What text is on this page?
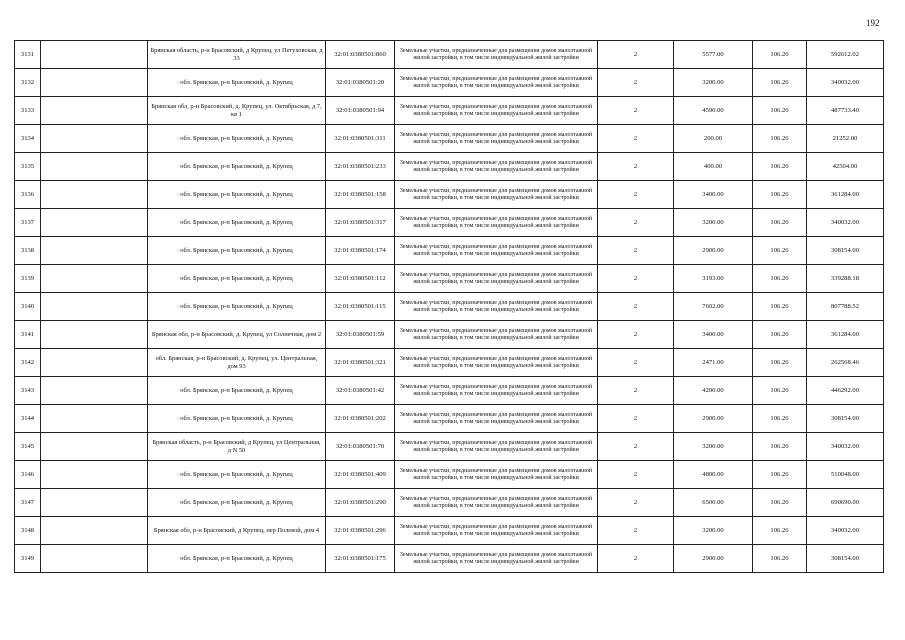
192
3131		Брянская область, р-н Брасовский, д Крупец, ул Петуховская, д 33	32:01:0380501:860	Земельные участки, предназначенные для размещения домов малоэтажной жилой застройки, в том числе индивидуальной жилой застройки	2	5577.00	106.26	592612.02
3132		обл. Брянская, р-н Брасовский, д. Крупец	32:01:0380501:20	Земельные участки, предназначенные для размещения домов малоэтажной жилой застройки, в том числе индивидуальной жилой застройки	2	3200.00	106.26	340032.00
3133		Брянская обл, р-н Брасовский, д. Крупец, ул. Октябрьская, д 7, кв 1	32:01:0380501:94	Земельные участки, предназначенные для размещения домов малоэтажной жилой застройки, в том числе индивидуальной жилой застройки	2	4590.00	106.26	487733.40
3134		обл. Брянская, р-н Брасовский, д. Крупец	32:01:0380501:311	Земельные участки, предназначенные для размещения домов малоэтажной жилой застройки, в том числе индивидуальной жилой застройки	2	200.00	106.26	21252.00
3135		обл. Брянская, р-н Брасовский, д. Крупец	32:01:0380501:233	Земельные участки, предназначенные для размещения домов малоэтажной жилой застройки, в том числе индивидуальной жилой застройки	2	400.00	106.26	42504.00
3136		обл. Брянская, р-н Брасовский, д. Крупец	32:01:0380501:158	Земельные участки, предназначенные для размещения домов малоэтажной жилой застройки, в том числе индивидуальной жилой застройки	2	3400.00	106.26	361284.00
3137		обл. Брянская, р-н Брасовский, д. Крупец	32:01:0380501:317	Земельные участки, предназначенные для размещения домов малоэтажной жилой застройки, в том числе индивидуальной жилой застройки	2	3200.00	106.26	340032.00
3138		обл. Брянская, р-н Брасовский, д. Крупец	32:01:0380501:174	Земельные участки, предназначенные для размещения домов малоэтажной жилой застройки, в том числе индивидуальной жилой застройки	2	2900.00	106.26	308154.00
3139		обл. Брянская, р-н Брасовский, д. Крупец	32:01:0380501:112	Земельные участки, предназначенные для размещения домов малоэтажной жилой застройки, в том числе индивидуальной жилой застройки	2	3193.00	106.26	339288.18
3140		обл. Брянская, р-н Брасовский, д. Крупец	32:01:0380501:115	Земельные участки, предназначенные для размещения домов малоэтажной жилой застройки, в том числе индивидуальной жилой застройки	2	7602.00	106.26	807788.52
3141		Брянская обл, р-н Брасовский, д. Крупец, ул Солнечная, дом 2	32:01:0380501:59	Земельные участки, предназначенные для размещения домов малоэтажной жилой застройки, в том числе индивидуальной жилой застройки	2	3400.00	106.26	361284.00
3142		обл. Брянская, р-н Брасовский, д. Крупец, ул. Центральная, дом 93	32:01:0380501:321	Земельные участки, предназначенные для размещения домов малоэтажной жилой застройки, в том числе индивидуальной жилой застройки	2	2471.00	106.26	262568.46
3143		обл. Брянская, р-н Брасовский, д. Крупец	32:01:0380501:42	Земельные участки, предназначенные для размещения домов малоэтажной жилой застройки, в том числе индивидуальной жилой застройки	2	4200.00	106.26	446292.00
3144		обл. Брянская, р-н Брасовский, д. Крупец	32:01:0380501:202	Земельные участки, предназначенные для размещения домов малоэтажной жилой застройки, в том числе индивидуальной жилой застройки	2	2900.00	106.26	308154.00
3145		Брянская область, р-н Брасовский, д Крупец, ул Центральная, д N 50	32:01:0380501:70	Земельные участки, предназначенные для размещения домов малоэтажной жилой застройки, в том числе индивидуальной жилой застройки	2	3200.00	106.26	340032.00
3146		обл. Брянская, р-н Брасовский, д. Крупец	32:01:0380501:409	Земельные участки, предназначенные для размещения домов малоэтажной жилой застройки, в том числе индивидуальной жилой застройки	2	4800.00	106.26	510048.00
3147		обл. Брянская, р-н Брасовский, д. Крупец	32:01:0380501:290	Земельные участки, предназначенные для размещения домов малоэтажной жилой застройки, в том числе индивидуальной жилой застройки	2	6500.00	106.26	690690.00
3148		Брянская обл, р-н Брасовский, д Крупец, пер Полевой, дом 4	32:01:0380501:296	Земельные участки, предназначенные для размещения домов малоэтажной жилой застройки, в том числе индивидуальной жилой застройки	2	3200.00	106.26	340032.00
3149		обл. Брянская, р-н Брасовский, д. Крупец	32:01:0380501:175	Земельные участки, предназначенные для размещения домов малоэтажной жилой застройки, в том числе индивидуальной жилой застройки	2	2900.00	106.26	308154.00
